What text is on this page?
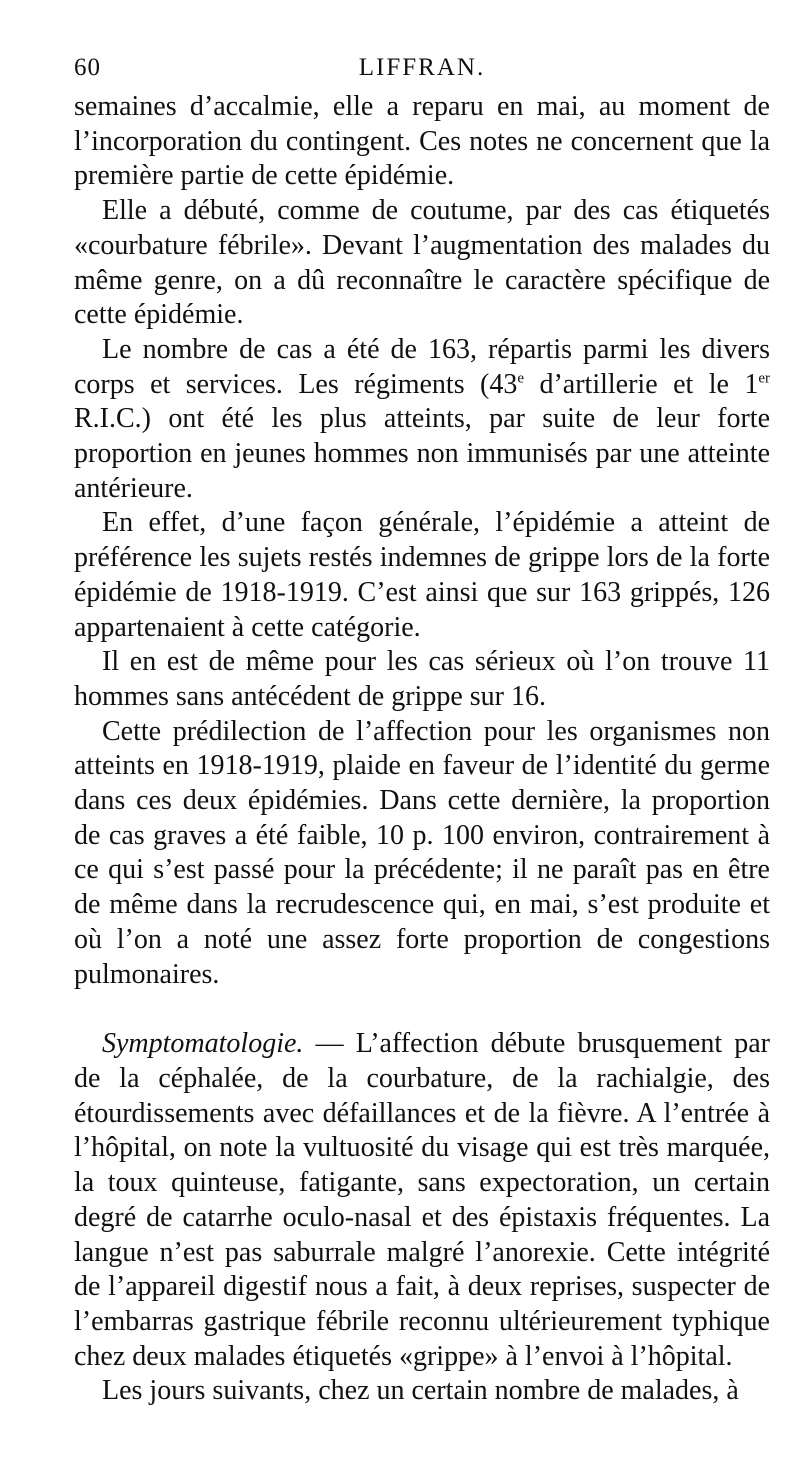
60	LIFFRAN.

semaines d’accalmie, elle a reparu en mai, au moment de l’incorporation du contingent. Ces notes ne concernent que la première partie de cette épidémie.

Elle a débuté, comme de coutume, par des cas étiquetés «courbature fébrile». Devant l’augmentation des malades du même genre, on a dû reconnaître le caractère spécifique de cette épidémie.

Le nombre de cas a été de 163, répartis parmi les divers corps et services. Les régiments (43e d’artillerie et le 1er R.I.C.) ont été les plus atteints, par suite de leur forte proportion en jeunes hommes non immunisés par une atteinte antérieure.

En effet, d’une façon générale, l’épidémie a atteint de préférence les sujets restés indemnes de grippe lors de la forte épidémie de 1918-1919. C’est ainsi que sur 163 grippés, 126 appartenaient à cette catégorie.

Il en est de même pour les cas sérieux où l’on trouve 11 hommes sans antécédent de grippe sur 16.

Cette prédilection de l’affection pour les organismes non atteints en 1918-1919, plaide en faveur de l’identité du germe dans ces deux épidémies. Dans cette dernière, la proportion de cas graves a été faible, 10 p. 100 environ, contrairement à ce qui s’est passé pour la précédente; il ne paraît pas en être de même dans la recrudescence qui, en mai, s’est produite et où l’on a noté une assez forte proportion de congestions pulmonaires.

Symptomatologie. — L’affection débute brusquement par de la céphalée, de la courbature, de la rachialgie, des étourdissements avec défaillances et de la fièvre. A l’entrée à l’hôpital, on note la vultuosité du visage qui est très marquée, la toux quinteuse, fatigante, sans expectoration, un certain degré de catarrhe oculo-nasal et des épistaxis fréquentes. La langue n’est pas saburrale malgré l’anorexie. Cette intégrité de l’appareil digestif nous a fait, à deux reprises, suspecter de l’embarras gastrique fébrile reconnu ultérieurement typhique chez deux malades étiquetés «grippe» à l’envoi à l’hôpital.

Les jours suivants, chez un certain nombre de malades, à
